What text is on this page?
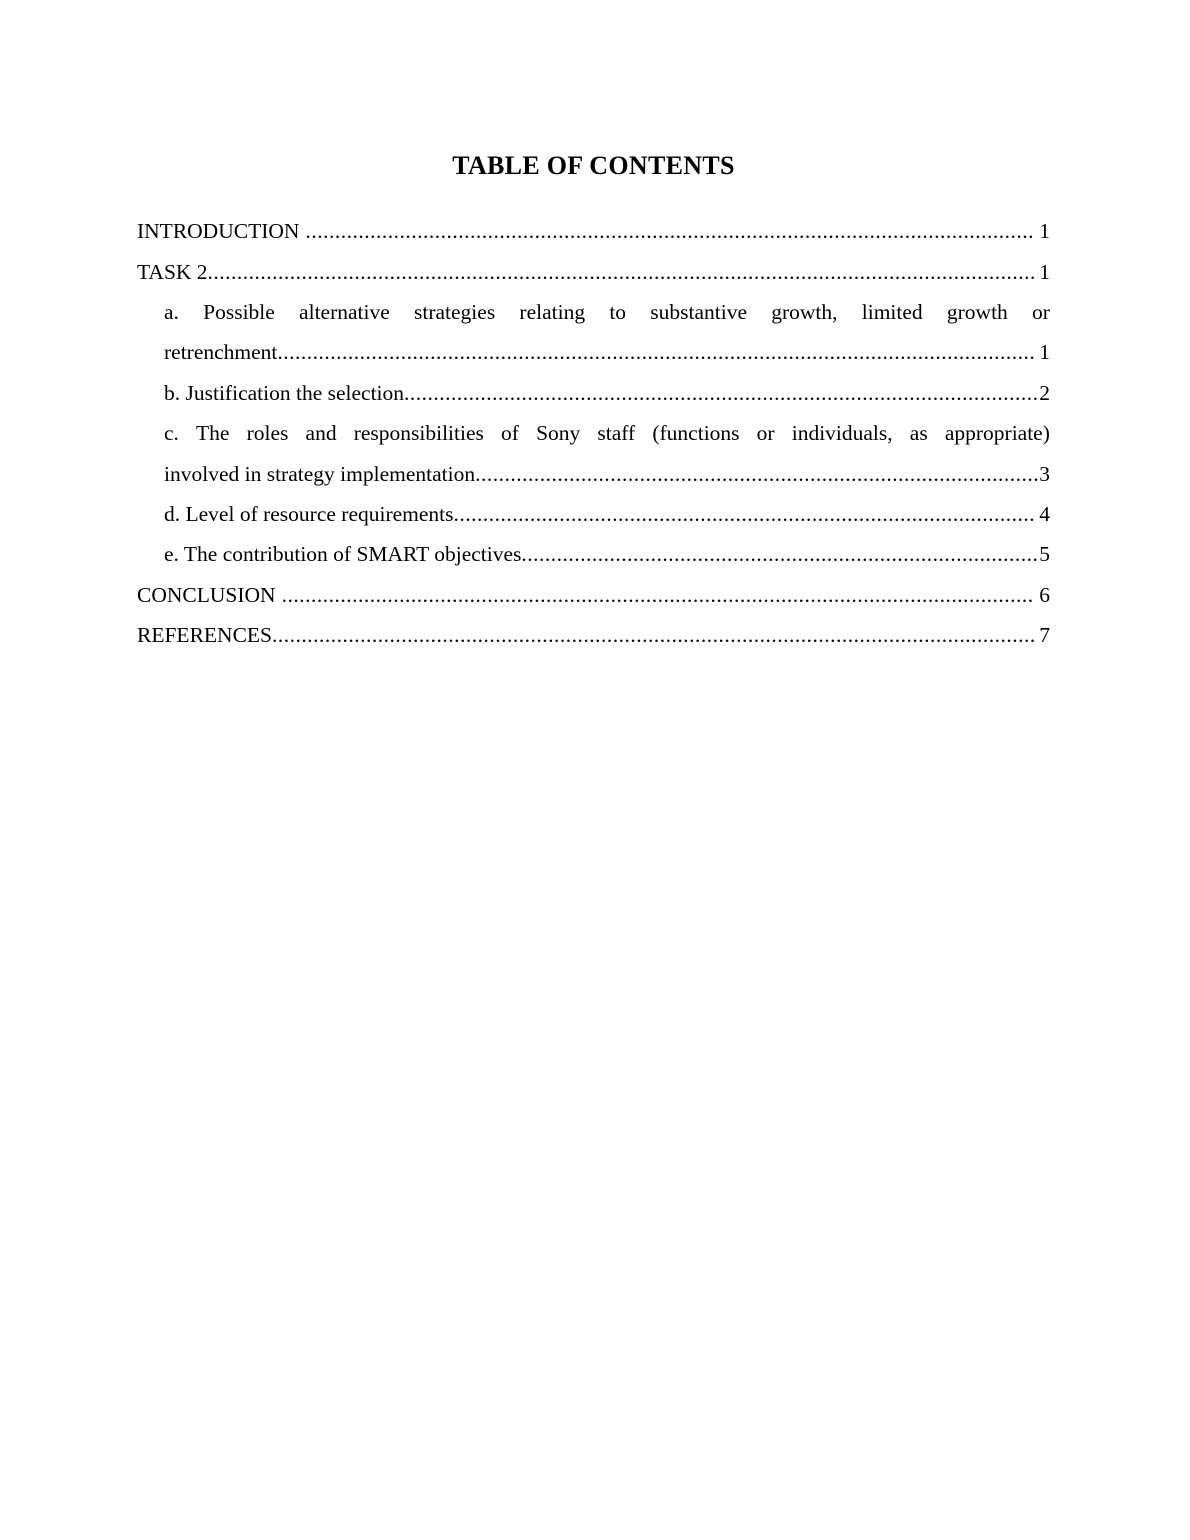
TABLE OF CONTENTS
INTRODUCTION ............................................................................................................................ 1
TASK 2 ............................................................................................................................................. 1
a. Possible alternative strategies relating to substantive growth, limited growth or
retrenchment ................................................................................................................................. 1
b. Justification the selection ............................................................................................................ 2
c. The roles and responsibilities of Sony staff (functions or individuals, as appropriate)
involved in strategy implementation ................................................................................................ 3
d. Level of resource requirements ................................................................................................... 4
e. The contribution of SMART objectives ........................................................................................ 5
CONCLUSION ................................................................................................................................ 6
REFERENCES .................................................................................................................................. 7
